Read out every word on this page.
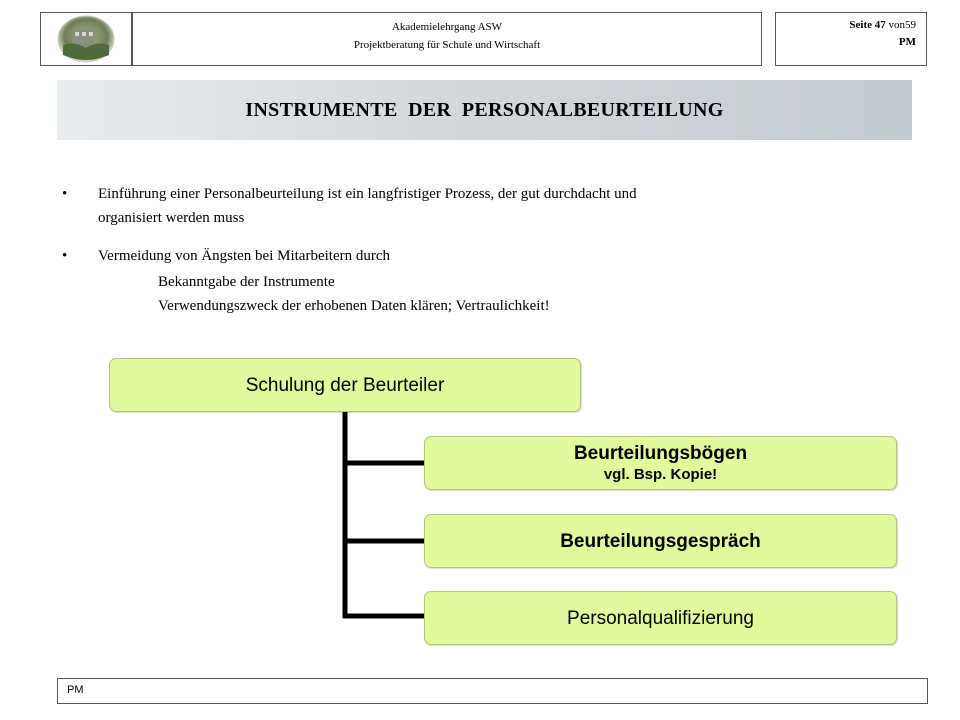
Akademielehrgang ASW
Projektberatung für Schule und Wirtschaft
Seite 47 von59
PM
INSTRUMENTE  DER  PERSONALBEURTEILUNG
• Einführung einer Personalbeurteilung ist ein langfristiger Prozess, der gut durchdacht und
organisiert werden muss
• Vermeidung von Ängsten bei Mitarbeitern durch
Bekanntgabe der Instrumente
Verwendungszweck der erhobenen Daten klären; Vertraulichkeit!
Schulung der Beurteiler
Beurteilungsbögen
vgl. Bsp. Kopie!
Beurteilungsgespräch
Personalqualifizierung
PM
